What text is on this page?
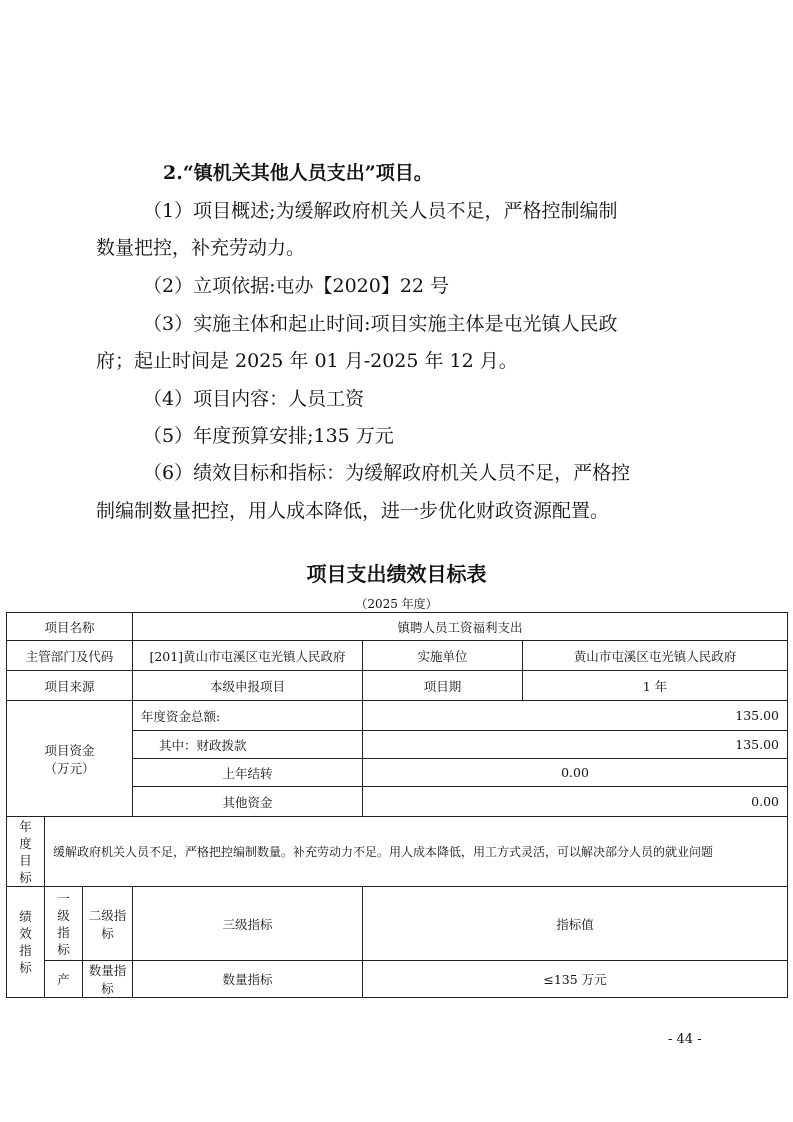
2.“镇机关其他人员支出”项目。
（1）项目概述;为缓解政府机关人员不足，严格控制编制
数量把控，补充劳动力。
（2）立项依据:屯办【2020】22 号
（3）实施主体和起止时间:项目实施主体是屯光镇人民政
府；起止时间是 2025 年 01 月-2025 年 12 月。
（4）项目内容：人员工资
（5）年度预算安排;135 万元
（6）绩效目标和指标：为缓解政府机关人员不足，严格控
制编制数量把控，用人成本降低，进一步优化财政资源配置。
项目支出绩效目标表
（2025 年度）
项目名称			镇聘人员工资福利支出		
主管部门及代码			[201]黄山市屯溪区屯光镇人民政府	实施单位	黄山市屯溪区屯光镇人民政府
项目来源			本级申报项目	项目期	1 年

项目资金
（万元）			年度资金总额:	135.00	
			其中：财政拨款	135.00	
			上年结转	0.00	
			其他资金	0.00	

年
度
目
标	缓解政府机关人员不足，严格把控编制数量。补充劳动力不足。用人成本降低，用工方式灵活，可以解决部分人员的就业问题				

绩
效
指
标	一
级
指
标	二级指标	三级指标	指标值	
	产	数量指标	数量指标	≤135 万元	
- 44 -
